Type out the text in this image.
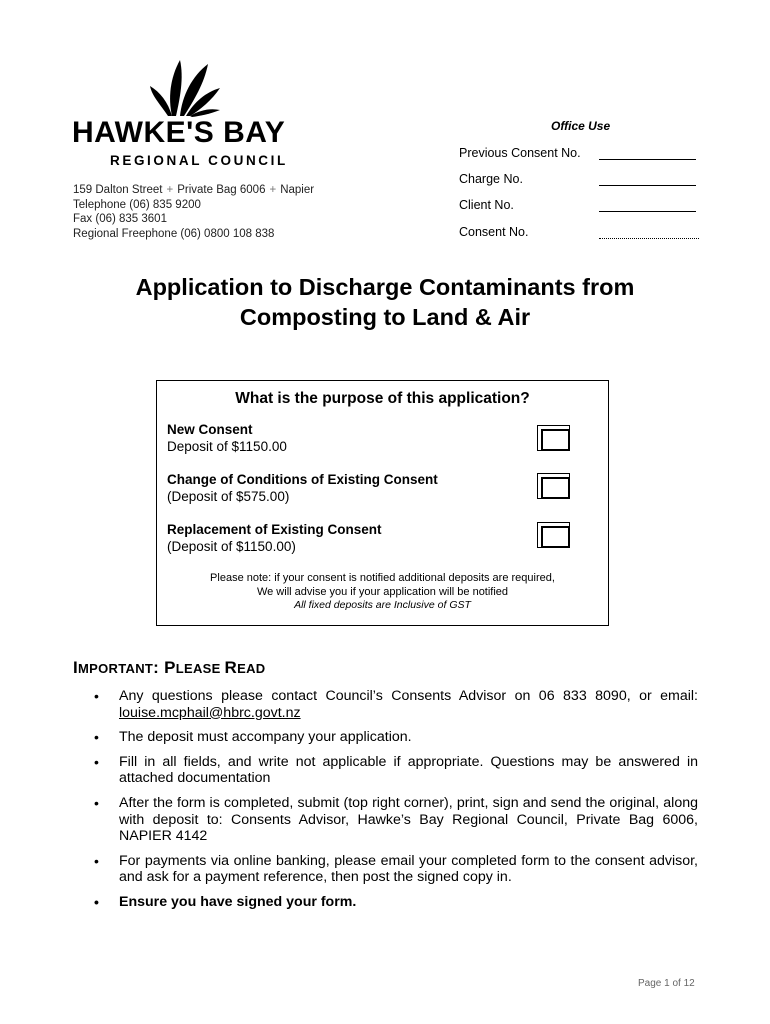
HAWKE'S BAY
REGIONAL COUNCIL
159 Dalton Street + Private Bag 6006 + Napier
Telephone (06) 835 9200
Fax (06) 835 3601
Regional Freephone (06) 0800 108 838
Office Use
Previous Consent No.
Charge No.
Client No.
Consent No.
Application to Discharge Contaminants from
Composting to Land & Air
What is the purpose of this application?
New Consent
Deposit of $1150.00
Change of Conditions of Existing Consent
(Deposit of $575.00)
Replacement of Existing Consent
(Deposit of $1150.00)
Please note: if your consent is notified additional deposits are required,
We will advise you if your application will be notified
All fixed deposits are Inclusive of GST
IMPORTANT: PLEASE READ
• Any questions please contact Council’s Consents Advisor on 06 833 8090, or email: louise.mcphail@hbrc.govt.nz
• The deposit must accompany your application.
• Fill in all fields, and write not applicable if appropriate. Questions may be answered in attached documentation
• After the form is completed, submit (top right corner), print, sign and send the original, along with deposit to: Consents Advisor, Hawke’s Bay Regional Council, Private Bag 6006, NAPIER 4142
• For payments via online banking, please email your completed form to the consent advisor, and ask for a payment reference, then post the signed copy in.
• Ensure you have signed your form.
Page 1 of 12
